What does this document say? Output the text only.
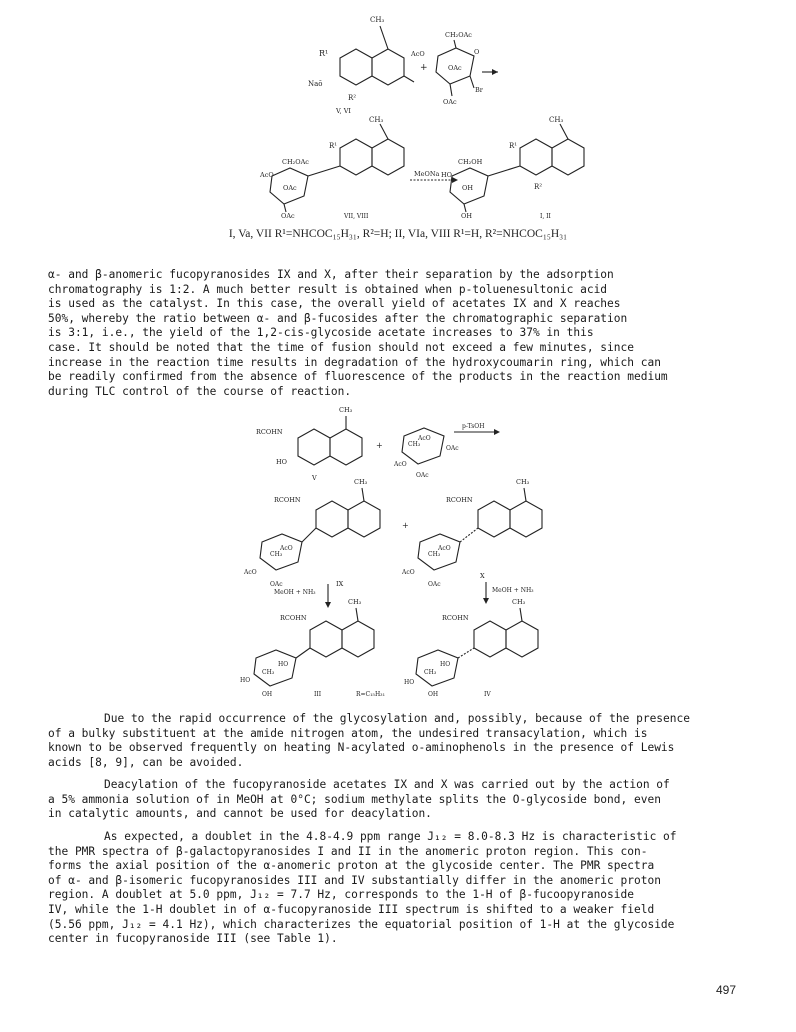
R¹
CH₃
Naō
R²
V, VI
+
CH₂OAc
AcO
OAc
O
Br
OAc
R¹
CH₃
CH₂OAc
AcO
OAc
OAc	VII, VIII
MeONa
R¹
CH₃
CH₂OH
HO
OH	R²
OH	I, II
I, Va, VII R¹=NHCOC₁₅H₃₁, R²=H; II, VIa, VIII R¹=H, R²=NHCOC₁₅H₃₁

α- and β-anomeric fucopyranosides IX and X, after their separation by the adsorption
chromatography is 1:2. A much better result is obtained when p-toluenesultonic acid
is used as the catalyst. In this case, the overall yield of acetates IX and X reaches
50%, whereby the ratio between α- and β-fucosides after the chromatographic separation
is 3:1, i.e., the yield of the 1,2-cis-glycoside acetate increases to 37% in this
case. It should be noted that the time of fusion should not exceed a few minutes, since
increase in the reaction time results in degradation of the hydroxycoumarin ring, which can
be readily confirmed from the absence of fluorescence of the products in the reaction medium
during TLC control of the course of reaction.

CH₃
RCOHN
HO
V
+	CH₃
AcO
OAc
AcO
OAc
p-TsOH
CH₃
RCOHN
AcO
CH₃
AcO
OAc	IX
+
CH₃
RCOHN
AcO
CH₃
AcO
OAc
X
MeOH + NH₃	MeOH + NH₃
CH₃
RCOHN
HO
CH₃
HO
OH	III	R=C₁₅H₃₁
CH₃
RCOHN
HO
CH₃
HO
OH	IV

Due to the rapid occurrence of the glycosylation and, possibly, because of the presence
of a bulky substituent at the amide nitrogen atom, the undesired transacylation, which is
known to be observed frequently on heating N-acylated o-aminophenols in the presence of Lewis
acids [8, 9], can be avoided.

Deacylation of the fucopyranoside acetates IX and X was carried out by the action of
a 5% ammonia solution of in MeOH at 0°C; sodium methylate splits the O-glycoside bond, even
in catalytic amounts, and cannot be used for deacylation.

As expected, a doublet in the 4.8-4.9 ppm range J₁₂ = 8.0-8.3 Hz is characteristic of
the PMR spectra of β-galactopyranosides I and II in the anomeric proton region. This con-
forms the axial position of the α-anomeric proton at the glycoside center. The PMR spectra
of α- and β-isomeric fucopyranosides III and IV substantially differ in the anomeric proton
region. A doublet at 5.0 ppm, J₁₂ = 7.7 Hz, corresponds to the 1-H of β-fucoopyranoside
IV, while the 1-H doublet in of α-fucopyranoside III spectrum is shifted to a weaker field
(5.56 ppm, J₁₂ = 4.1 Hz), which characterizes the equatorial position of 1-H at the glycoside
center in fucopyranoside III (see Table 1).

497
